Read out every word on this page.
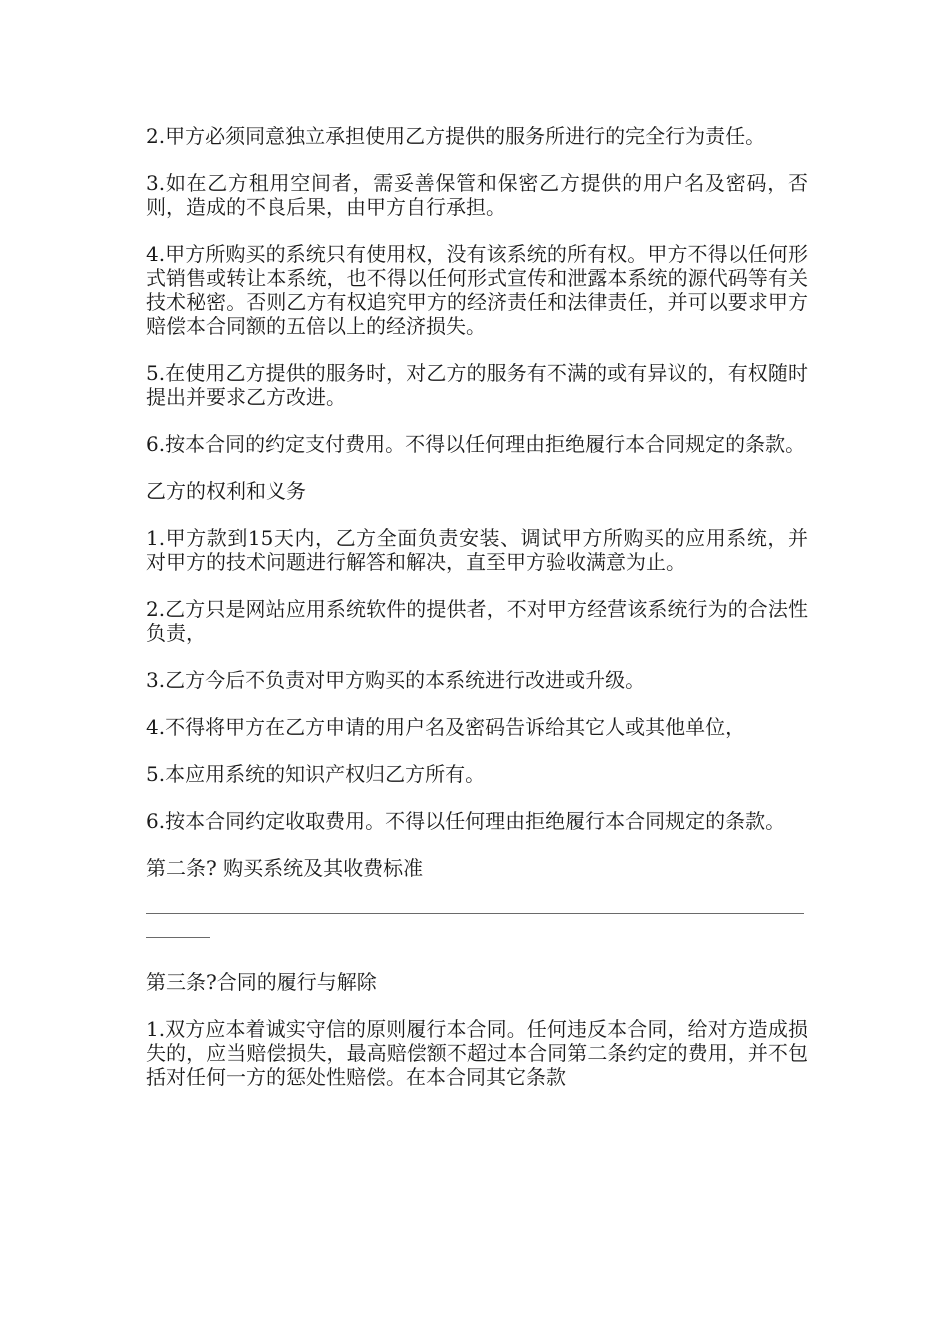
2.甲方必须同意独立承担使用乙方提供的服务所进行的完全行为责任。

3.如在乙方租用空间者，需妥善保管和保密乙方提供的用户名及密码，否则，造成的不良后果，由甲方自行承担。

4.甲方所购买的系统只有使用权，没有该系统的所有权。甲方不得以任何形式销售或转让本系统，也不得以任何形式宣传和泄露本系统的源代码等有关技术秘密。否则乙方有权追究甲方的经济责任和法律责任，并可以要求甲方赔偿本合同额的五倍以上的经济损失。

5.在使用乙方提供的服务时，对乙方的服务有不满的或有异议的，有权随时提出并要求乙方改进。

6.按本合同的约定支付费用。不得以任何理由拒绝履行本合同规定的条款。

乙方的权利和义务

1.甲方款到15天内，乙方全面负责安装、调试甲方所购买的应用系统，并对甲方的技术问题进行解答和解决，直至甲方验收满意为止。

2.乙方只是网站应用系统软件的提供者，不对甲方经营该系统行为的合法性负责，

3.乙方今后不负责对甲方购买的本系统进行改进或升级。

4.不得将甲方在乙方申请的用户名及密码告诉给其它人或其他单位，

5.本应用系统的知识产权归乙方所有。

6.按本合同约定收取费用。不得以任何理由拒绝履行本合同规定的条款。

第二条? 购买系统及其收费标准

第三条?合同的履行与解除

1.双方应本着诚实守信的原则履行本合同。任何违反本合同，给对方造成损失的，应当赔偿损失，最高赔偿额不超过本合同第二条约定的费用，并不包括对任何一方的惩处性赔偿。在本合同其它条款
